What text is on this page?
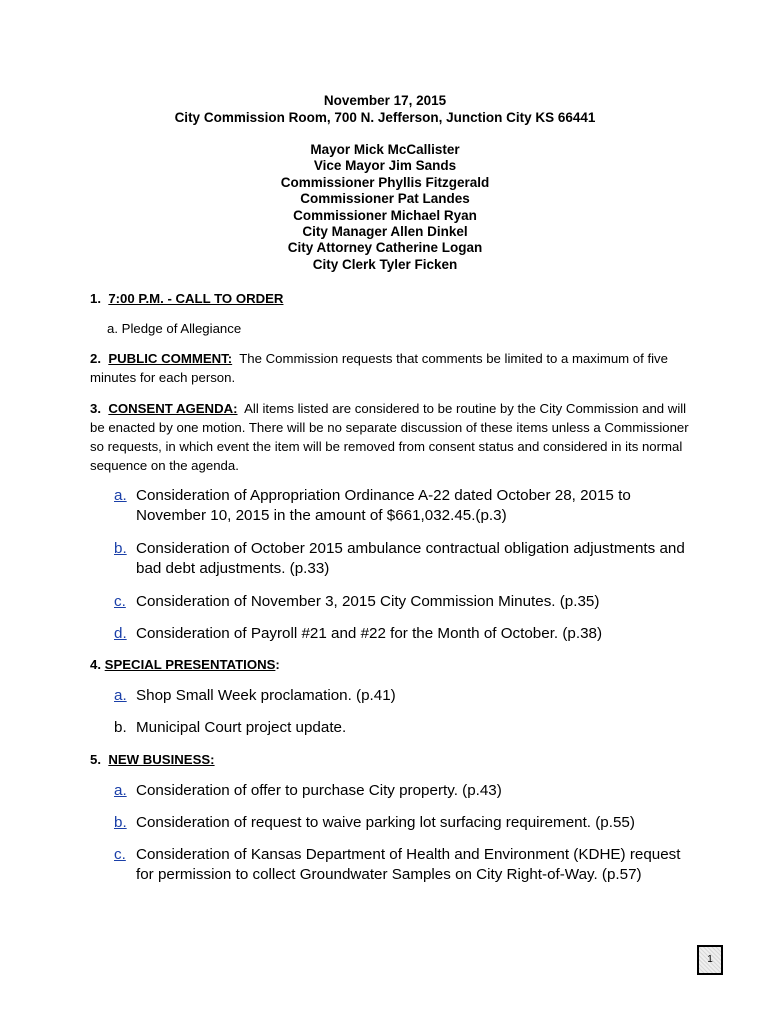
November 17, 2015
City Commission Room, 700 N. Jefferson, Junction City KS 66441
Mayor Mick McCallister
Vice Mayor Jim Sands
Commissioner Phyllis Fitzgerald
Commissioner Pat Landes
Commissioner Michael Ryan
City Manager Allen Dinkel
City Attorney Catherine Logan
City Clerk Tyler Ficken
1. 7:00 P.M. - CALL TO ORDER
a. Pledge of Allegiance
2. PUBLIC COMMENT: The Commission requests that comments be limited to a maximum of five minutes for each person.
3. CONSENT AGENDA: All items listed are considered to be routine by the City Commission and will be enacted by one motion. There will be no separate discussion of these items unless a Commissioner so requests, in which event the item will be removed from consent status and considered in its normal sequence on the agenda.
a. Consideration of Appropriation Ordinance A-22 dated October 28, 2015 to November 10, 2015 in the amount of $661,032.45.(p.3)
b. Consideration of October 2015 ambulance contractual obligation adjustments and bad debt adjustments. (p.33)
c. Consideration of November 3, 2015 City Commission Minutes. (p.35)
d. Consideration of Payroll #21 and #22 for the Month of October. (p.38)
4. SPECIAL PRESENTATIONS:
a. Shop Small Week proclamation. (p.41)
b. Municipal Court project update.
5. NEW BUSINESS:
a. Consideration of offer to purchase City property. (p.43)
b. Consideration of request to waive parking lot surfacing requirement. (p.55)
c. Consideration of Kansas Department of Health and Environment (KDHE) request for permission to collect Groundwater Samples on City Right-of-Way. (p.57)
1
